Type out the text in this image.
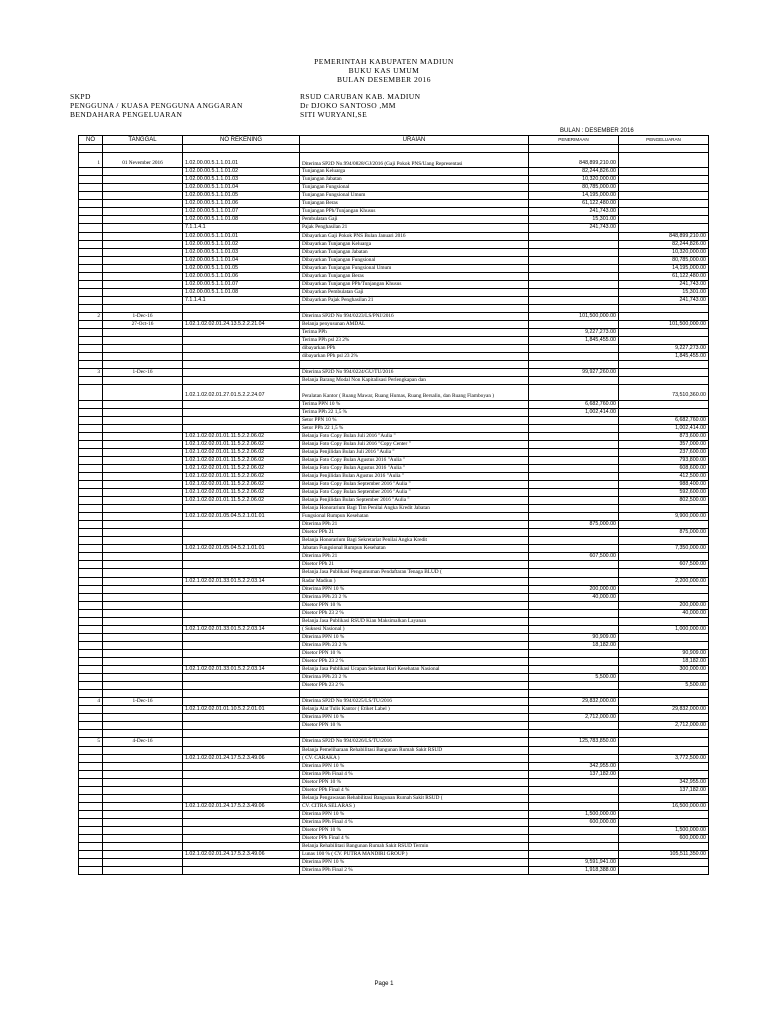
PEMERINTAH KABUPATEN MADIUN
BUKU KAS UMUM
BULAN DESEMBER 2016
SKPD
PENGGUNA / KUASA PENGGUNA ANGGARAN
BENDAHARA PENGELUARAN
RSUD CARUBAN KAB. MADIUN
Dr DJOKO SANTOSO ,MM
SITI WURYANI,SE
BULAN : DESEMBER 2016
NO	TANGGAL	NO REKENING	URAIAN	PENERIMAAN	PENGELUARAN

1	01 Nevember 2016	1.02.00.00.5.1.1.01.01	Diterima SP2D No.994/0828/GJ/2016 (Gaji Pokok PNS/Uang Representasi	848,899,210.00	
		1.02.00.00.5.1.1.01.02	Tunjangan Keluarga	82,244,826.00	
		1.02.00.00.5.1.1.01.03	Tunjangan Jabatan	10,320,000.00	
		1.02.00.00.5.1.1.01.04	Tunjangan Fungsional	80,785,000.00	
		1.02.00.00.5.1.1.01.05	Tunjangan Fungsional Umum	14,195,000.00	
		1.02.00.00.5.1.1.01.06	Tunjangan Beras	61,122,480.00	
		1.02.00.00.5.1.1.01.07	Tunjangan PPh/Tunjangan Khusus	241,743.00	
		1.02.00.00.5.1.1.01.08	Pembulatan Gaji	15,301.00	
		7.1.1.4.1	Pajak Penghasilan 21	241,743.00	
		1.02.00.00.5.1.1.01.01	Dibayarkan Gaji Pokok PNS Bulan Januari 2016		848,899,210.00
		1.02.00.00.5.1.1.01.02	Dibayarkan Tunjangan Keluarga		82,244,826.00
		1.02.00.00.5.1.1.01.03	Dibayarkan Tunjangan Jabatan		10,320,000.00
		1.02.00.00.5.1.1.01.04	Dibayarkan Tunjangan Fungsional		80,785,000.00
		1.02.00.00.5.1.1.01.05	Dibayarkan Tunjangan Fungsional Umum		14,195,000.00
		1.02.00.00.5.1.1.01.06	Dibayarkan Tunjangan Beras		61,122,480.00
		1.02.00.00.5.1.1.01.07	Dibayarkan Tunjangan PPh/Tunjangan Khusus		241,743.00
		1.02.00.00.5.1.1.01.08	Dibayarkan Pembulatan Gaji		15,301.00
		7.1.1.4.1	Dibayarkan Pajak Penghasilan 21		241,743.00

2	1-Dec-16		Diterima SP2D No 994/0223/LS/PNJ/2016	101,500,000.00	
	27-Oct-16	1.02.1.02.02.01.24.13.5.2.2.21.04	Belanja penyusunan AMDAL		101,500,000.00
			Terima PPh	9,227,273.00	
			Terima PPh psl 23 2%	1,845,455.00	
			dibayarkan PPh		9,227,273.00
			dibayarkan PPh psl 23 2%		1,845,455.00

3	1-Dec-16		Diterima SP2D No 994/0224/GU/TU/2016	99,927,260.00	
			Belanja Barang Modal Non Kapitalisasi Perlengkapan dan		
		1.02.1.02.02.01.27.01.5.2.2.24.07	Peralatan Kantor ( Ruang Mawar, Ruang Humas, Ruang Bersalin, dan Ruang Flamboyan )		73,510,360.00
			Terima PPN 10 %	6,682,760.00	
			Terima PPh 22 1,5 %	1,002,414.00	
			Setor PPN 10 %		6,682,760.00
			Setor PPh 22 1,5 %		1,002,414.00
		1.02.1.02.02.01.01.11.5.2.2.06.02	Belanja Foto Copy Bulan Juli 2016 "Aulia "		873,600.00
		1.02.1.02.02.01.01.11.5.2.2.06.02	Belanja Foto Copy Bulan Juli 2016 "Copy Center "		357,000.00
		1.02.1.02.02.01.01.11.5.2.2.06.02	Belanja Penjilidan Bulan Juli 2016 "Aulia "		237,600.00
		1.02.1.02.02.01.01.11.5.2.2.06.02	Belanja Foto Copy Bulan Agustus 2016 "Aulia "		793,800.00
		1.02.1.02.02.01.01.11.5.2.2.06.02	Belanja Foto Copy Bulan Agustus 2016 "Aulia "		608,600.00
		1.02.1.02.02.01.01.11.5.2.2.06.02	Belanja Penjilidan Bulan Agustus 2016 "Aulia "		412,500.00
		1.02.1.02.02.01.01.11.5.2.2.06.02	Belanja Foto Copy Bulan September 2016 "Aulia "		988,400.00
		1.02.1.02.02.01.01.11.5.2.2.06.02	Belanja Foto Copy Bulan September 2016 "Aulia "		592,600.00
		1.02.1.02.02.01.01.11.5.2.2.06.02	Belanja Penjilidan Bulan September 2016 "Aulia "		802,500.00
			Belanja Honorarium Bagi Tim Penilai Angka Kredit Jabatan		
		1.02.1.02.02.01.05.04.5.2.1.01.01	Fungsional Rumpun Kesehatan		9,900,000.00
			Diterima PPh 21	875,000.00	
			Disetor PPh 21		875,000.00
			Belanja Honorarium Bagi Sekretariat Penilai Angka Kredit		
		1.02.1.02.02.01.05.04.5.2.1.01.01	Jabatan Fungsional Rumpun Kesehatan		7,350,000.00
			Diterima PPh 21	607,500.00	
			Disetor PPh 21		607,500.00
			Belanja Jasa Publikasi Pengumuman Pendaftaran Tenaga BLUD (		
		1.02.1.02.02.01.33.01.5.2.2.03.14	Radar Madiun )		2,200,000.00
			Diterima PPN 10 %	200,000.00	
			Diterima PPh 23 2 %	40,000.00	
			Disetor PPN 10 %		200,000.00
			Disetor PPh 23 2 %		40,000.00
			Belanja Jasa Publikasi RSUD Kian Maksimalkan Layanan		
		1.02.1.02.02.01.33.01.5.2.2.03.14	( Suksesi Nasional )		1,000,000.00
			Diterima PPN 10 %	90,909.00	
			Diterima PPh 23 2 %	18,182.00	
			Disetor PPN 10 %		90,909.00
			Disetor PPh 23 2 %		18,182.00
		1.02.1.02.02.01.33.01.5.2.2.03.14	Belanja Jasa Publikasi Ucapan Selamat Hari Kesehatan Nasional		300,000.00
			Diterima PPh 23 2 %	5,500.00	
			Disetor PPh 23 2 %		5,500.00

4	1-Dec-16		Diterima SP2D No 994/0225/LS/TU/2016	29,832,000.00	
		1.02.1.02.02.01.01.10.5.2.2.01.01	Belanja Alat Tulis Kantor ( Etiket Label )		29,832,000.00
			Diterima PPN 10 %	2,712,000.00	
			Disetor PPN 10 %		2,712,000.00

5	4-Dec-16		Diterima SP2D No 994/0226/LS/TU/2016	125,783,850.00	
			Belanja Pemeliharaan Rehabilitasi Bangunan Rumah Sakit RSUD		
		1.02.1.02.02.01.24.17.5.2.3.49.06	( CV. CARAKA )		3,772,500.00
			Diterima PPN 10 %	342,955.00	
			Diterima PPh Final 4 %	137,182.00	
			Disetor PPN 10 %		342,955.00
			Disetor PPh Final 4 %		137,182.00
			Belanja Pengawasan Rehabilitasi Bangunan Rumah Sakit RSUD (		
		1.02.1.02.02.01.24.17.5.2.3.49.06	CV. CITRA SELARAS )		16,500,000.00
			Diterima PPN 10 %	1,500,000.00	
			Diterima PPh Final 4 %	600,000.00	
			Disetor PPN 10 %		1,500,000.00
			Disetor PPh Final 4 %		600,000.00
			Belanja Rehabilitasi Bangunan Rumah Sakit RSUD Termin		
		1.02.1.02.02.01.24.17.5.2.3.49.06	Lunas 100 % ( CV. PUTRA MANDIRI GROUP )		105,511,350.00
			Diterima PPN 10 %	9,591,941.00	
			Diterima PPh Final 2 %	1,918,388.00	
Page 1
